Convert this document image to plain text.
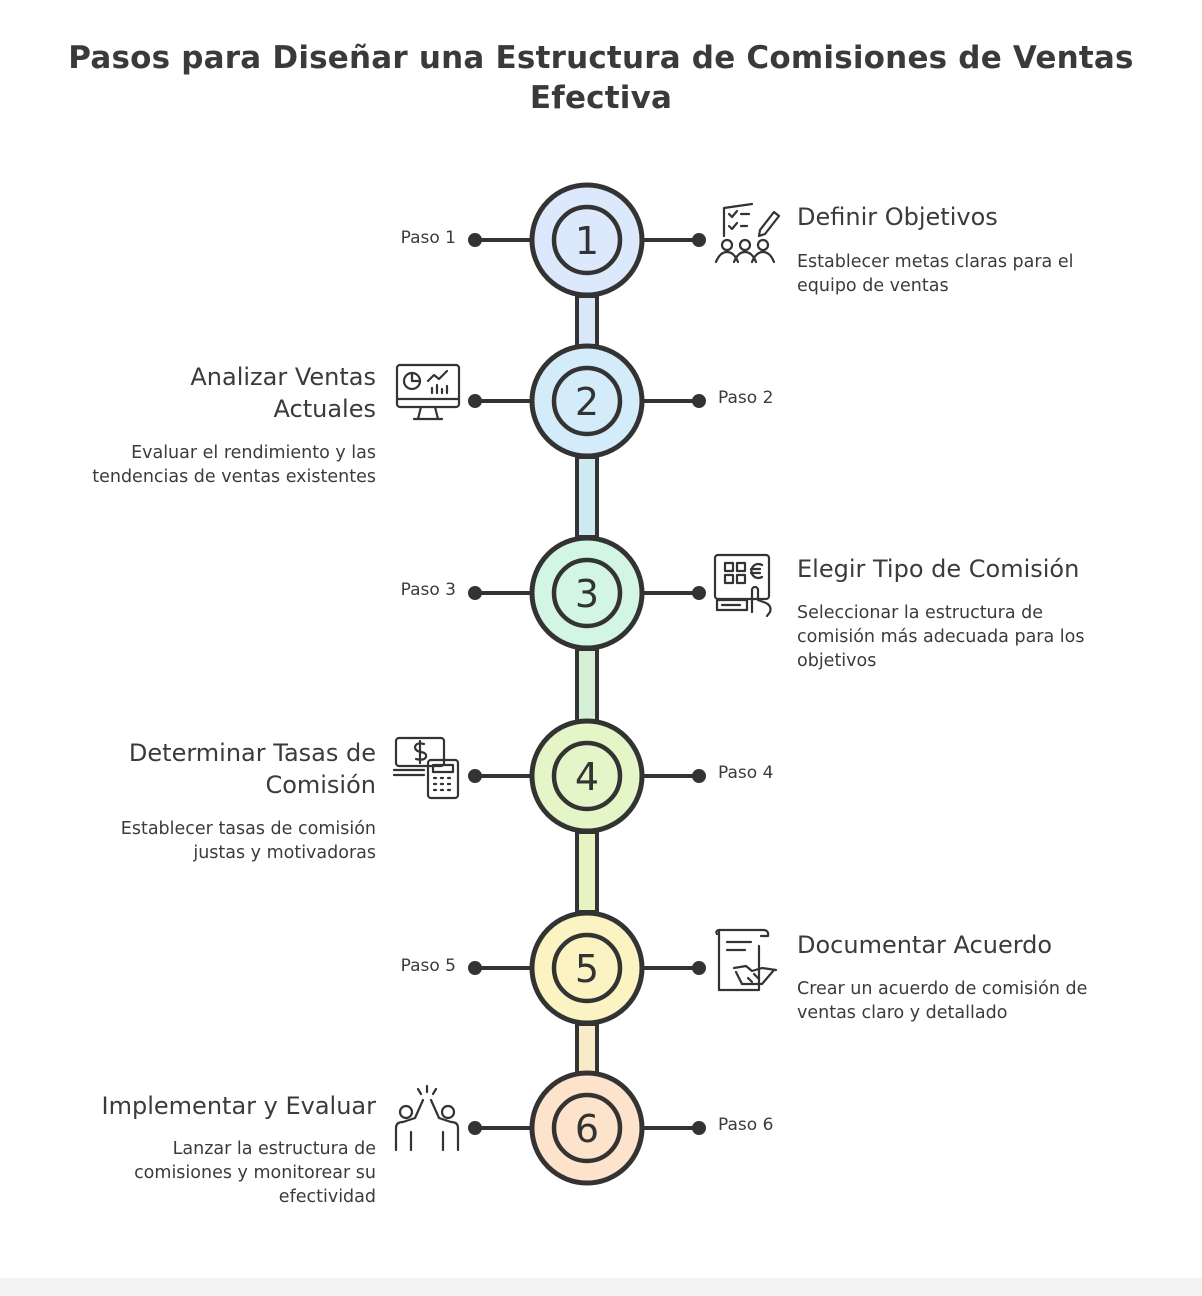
Pasos para Diseñar una Estructura de Comisiones de Ventas Efectiva
1
2
3
4
5
6
Paso 1
Definir Objetivos
Establecer metas claras para el equipo de ventas
Analizar Ventas Actuales
Evaluar el rendimiento y las tendencias de ventas existentes
Paso 2
Paso 3
Elegir Tipo de Comisión
Seleccionar la estructura de comisión más adecuada para los objetivos
Determinar Tasas de Comisión
Establecer tasas de comisión justas y motivadoras
Paso 4
Paso 5
Documentar Acuerdo
Crear un acuerdo de comisión de ventas claro y detallado
Implementar y Evaluar
Lanzar la estructura de comisiones y monitorear su efectividad
Paso 6
